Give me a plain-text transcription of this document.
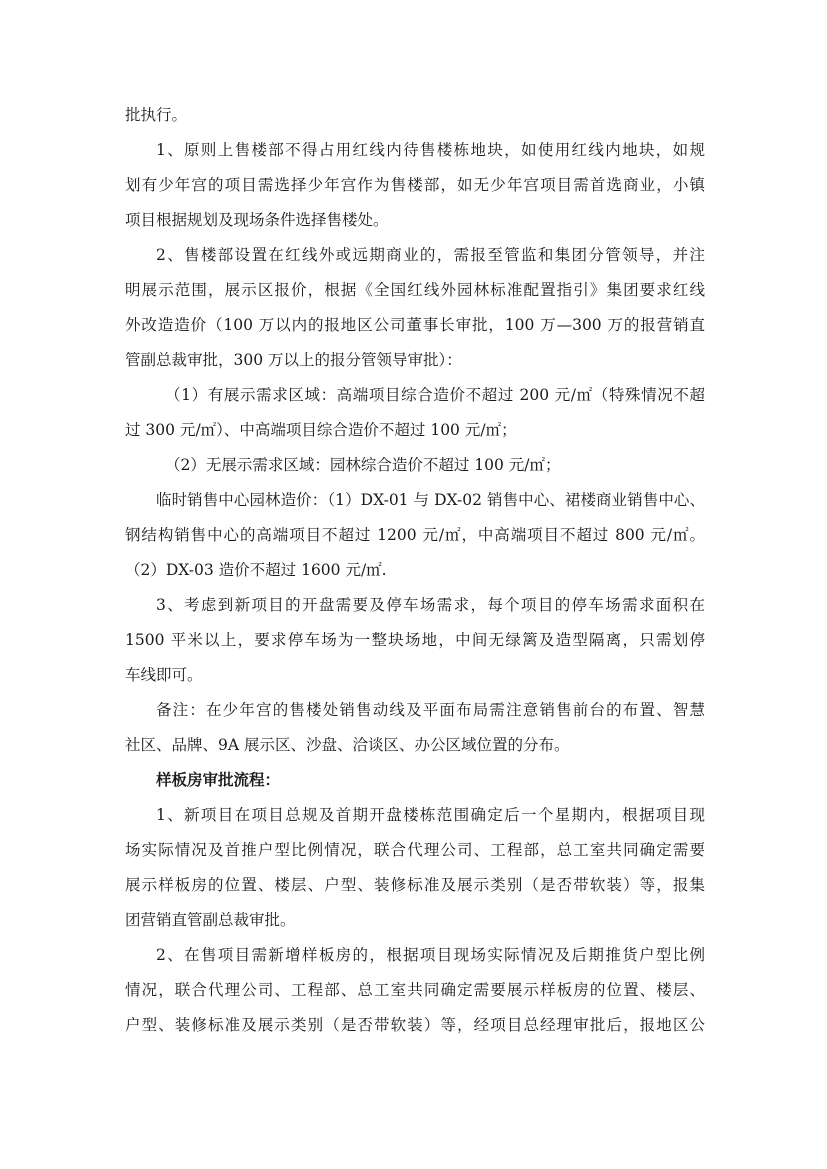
批执行。
1、原则上售楼部不得占用红线内待售楼栋地块，如使用红线内地块，如规
划有少年宫的项目需选择少年宫作为售楼部，如无少年宫项目需首选商业，小镇
项目根据规划及现场条件选择售楼处。
2、售楼部设置在红线外或远期商业的，需报至管监和集团分管领导，并注
明展示范围，展示区报价，根据《全国红线外园林标准配置指引》集团要求红线
外改造造价（100 万以内的报地区公司董事长审批，100 万—300 万的报营销直
管副总裁审批，300 万以上的报分管领导审批）：
（1）有展示需求区域：高端项目综合造价不超过 200 元/㎡（特殊情况不超
过 300 元/㎡）、中高端项目综合造价不超过 100 元/㎡；
（2）无展示需求区域：园林综合造价不超过 100 元/㎡；
临时销售中心园林造价：（1）DX-01 与 DX-02 销售中心、裙楼商业销售中心、
钢结构销售中心的高端项目不超过 1200 元/㎡，中高端项目不超过 800 元/㎡。
（2）DX-03 造价不超过 1600 元/㎡.
3、考虑到新项目的开盘需要及停车场需求，每个项目的停车场需求面积在
1500 平米以上，要求停车场为一整块场地，中间无绿篱及造型隔离，只需划停
车线即可。
备注：在少年宫的售楼处销售动线及平面布局需注意销售前台的布置、智慧
社区、品牌、9A 展示区、沙盘、洽谈区、办公区域位置的分布。
样板房审批流程：
1、新项目在项目总规及首期开盘楼栋范围确定后一个星期内，根据项目现
场实际情况及首推户型比例情况，联合代理公司、工程部，总工室共同确定需要
展示样板房的位置、楼层、户型、装修标准及展示类别（是否带软装）等，报集
团营销直管副总裁审批。
2、在售项目需新增样板房的，根据项目现场实际情况及后期推货户型比例
情况，联合代理公司、工程部、总工室共同确定需要展示样板房的位置、楼层、
户型、装修标准及展示类别（是否带软装）等，经项目总经理审批后，报地区公
